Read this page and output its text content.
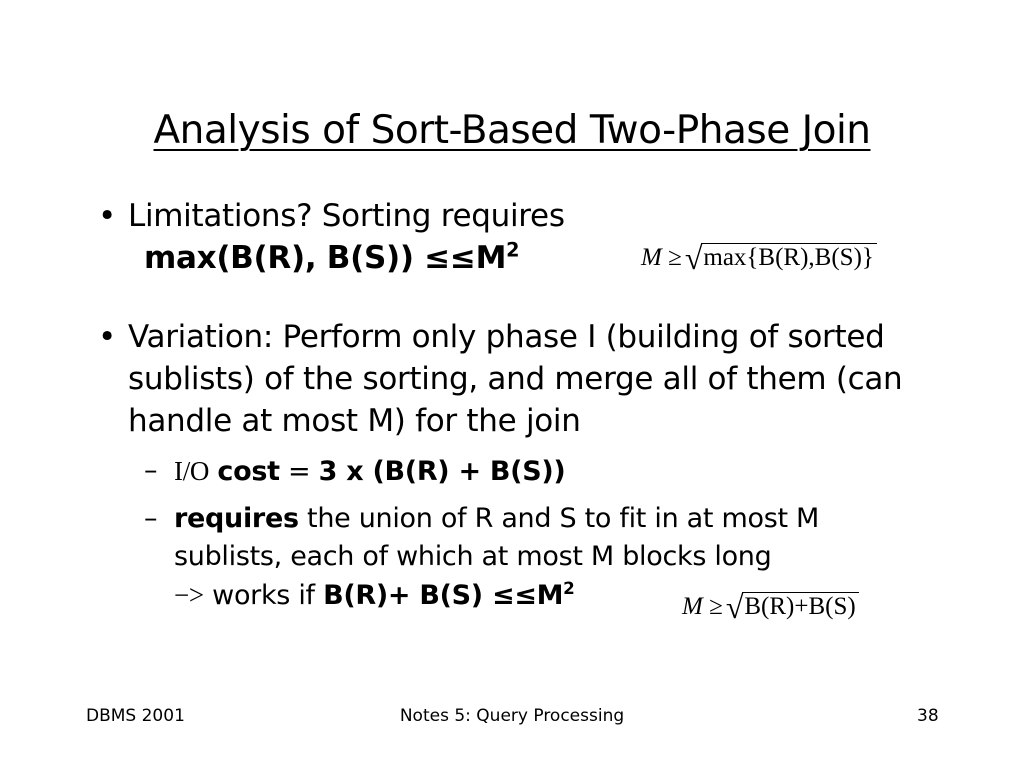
Analysis of Sort-Based Two-Phase Join
• Limitations? Sorting requires
max(B(R), $B(S)) \le\le M^2$	M ≥√max{B(R),B(S)}
• Variation: Perform only phase I (building of sorted sublists) of the sorting, and merge all of them (can handle at most M) for the join
– I/O cost = 3 x (B(R) + B(S))
– requires the union of R and S to fit in at most M sublists, each of which at most M blocks long
−> works if $B(R)+ B(S) \le\le M^2$
M ≥√B(R)+B(S)
DBMS 2001	Notes 5: Query Processing	38
